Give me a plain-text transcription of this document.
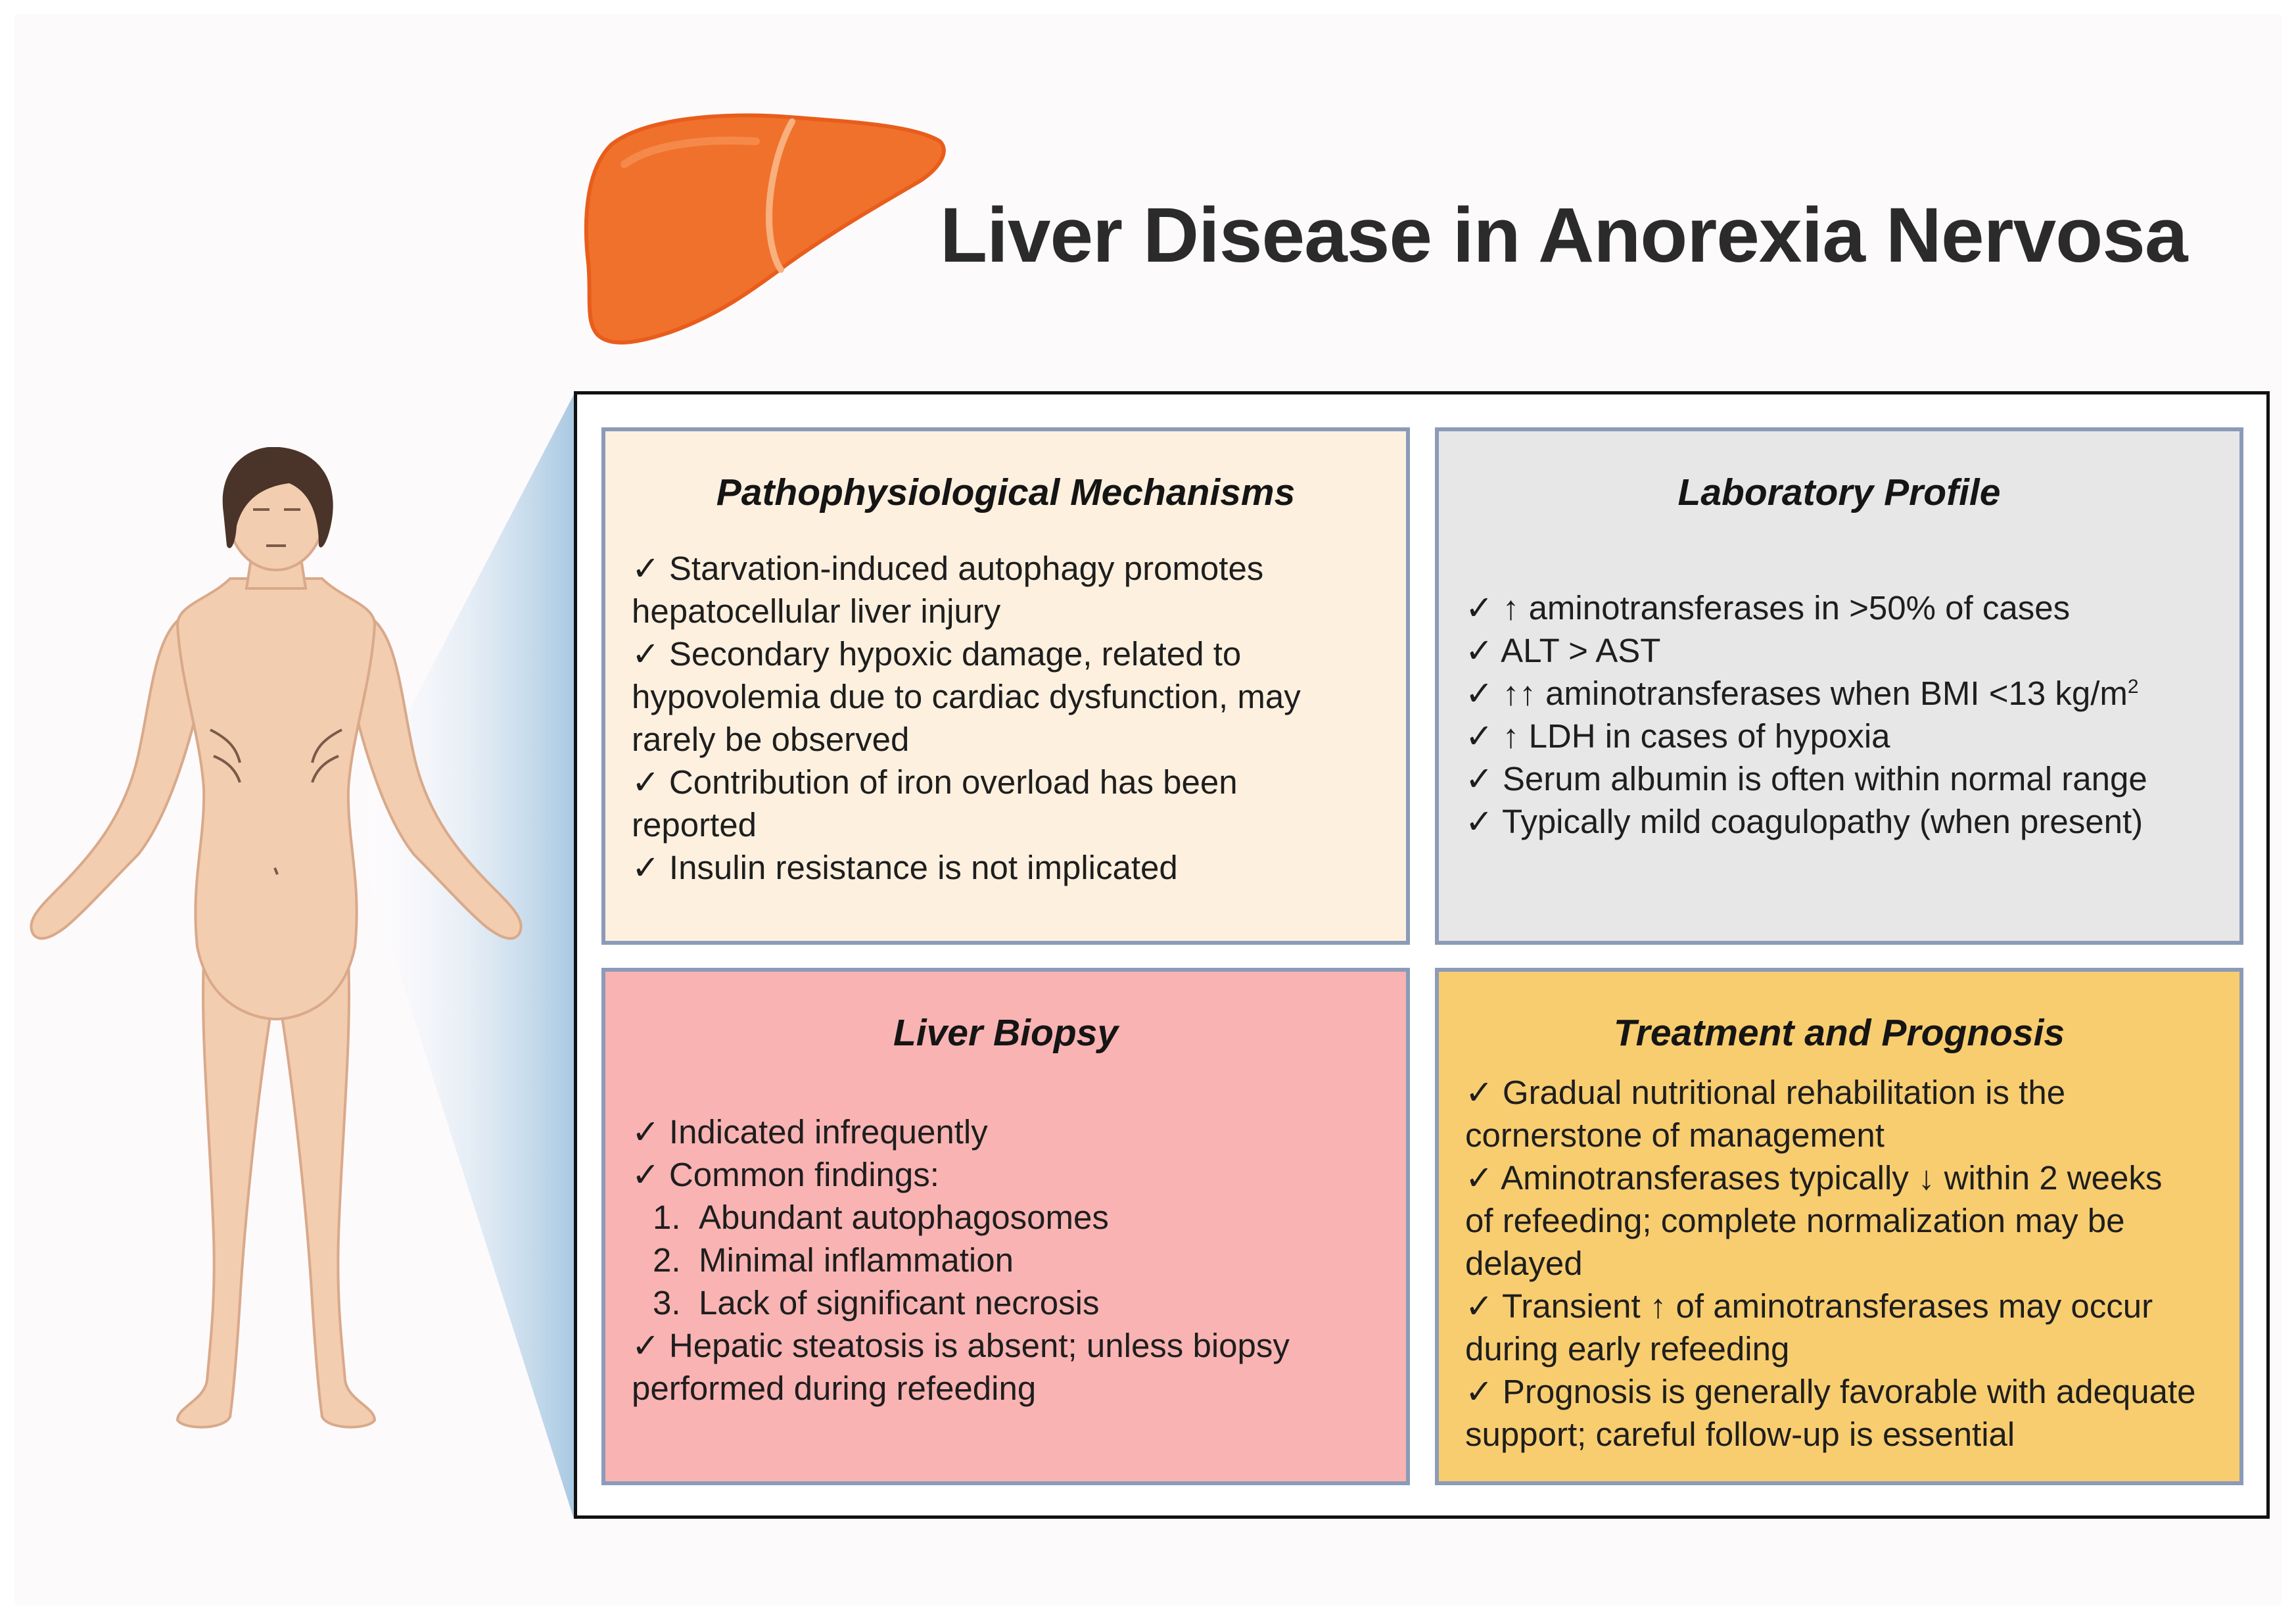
Liver Disease in Anorexia Nervosa
Pathophysiological Mechanisms
✓ Starvation-induced autophagy promotes
hepatocellular liver injury
✓ Secondary hypoxic damage, related to
hypovolemia due to cardiac dysfunction, may
rarely be observed
✓ Contribution of iron overload has been
reported
✓ Insulin resistance is not implicated
Laboratory Profile
✓ ↑ aminotransferases in >50% of cases
✓ ALT > AST
✓ ↑↑ aminotransferases when BMI <13 $kg/m^2$
✓ ↑ LDH in cases of hypoxia
✓ Serum albumin is often within normal range
✓ Typically mild coagulopathy (when present)
Liver Biopsy
✓ Indicated infrequently
✓ Common findings:
1. Abundant autophagosomes
2. Minimal inflammation
3. Lack of significant necrosis
✓ Hepatic steatosis is absent; unless biopsy
performed during refeeding
Treatment and Prognosis
✓ Gradual nutritional rehabilitation is the
cornerstone of management
✓ Aminotransferases typically ↓ within 2 weeks
of refeeding; complete normalization may be
delayed
✓ Transient ↑ of aminotransferases may occur
during early refeeding
✓ Prognosis is generally favorable with adequate
support; careful follow-up is essential
